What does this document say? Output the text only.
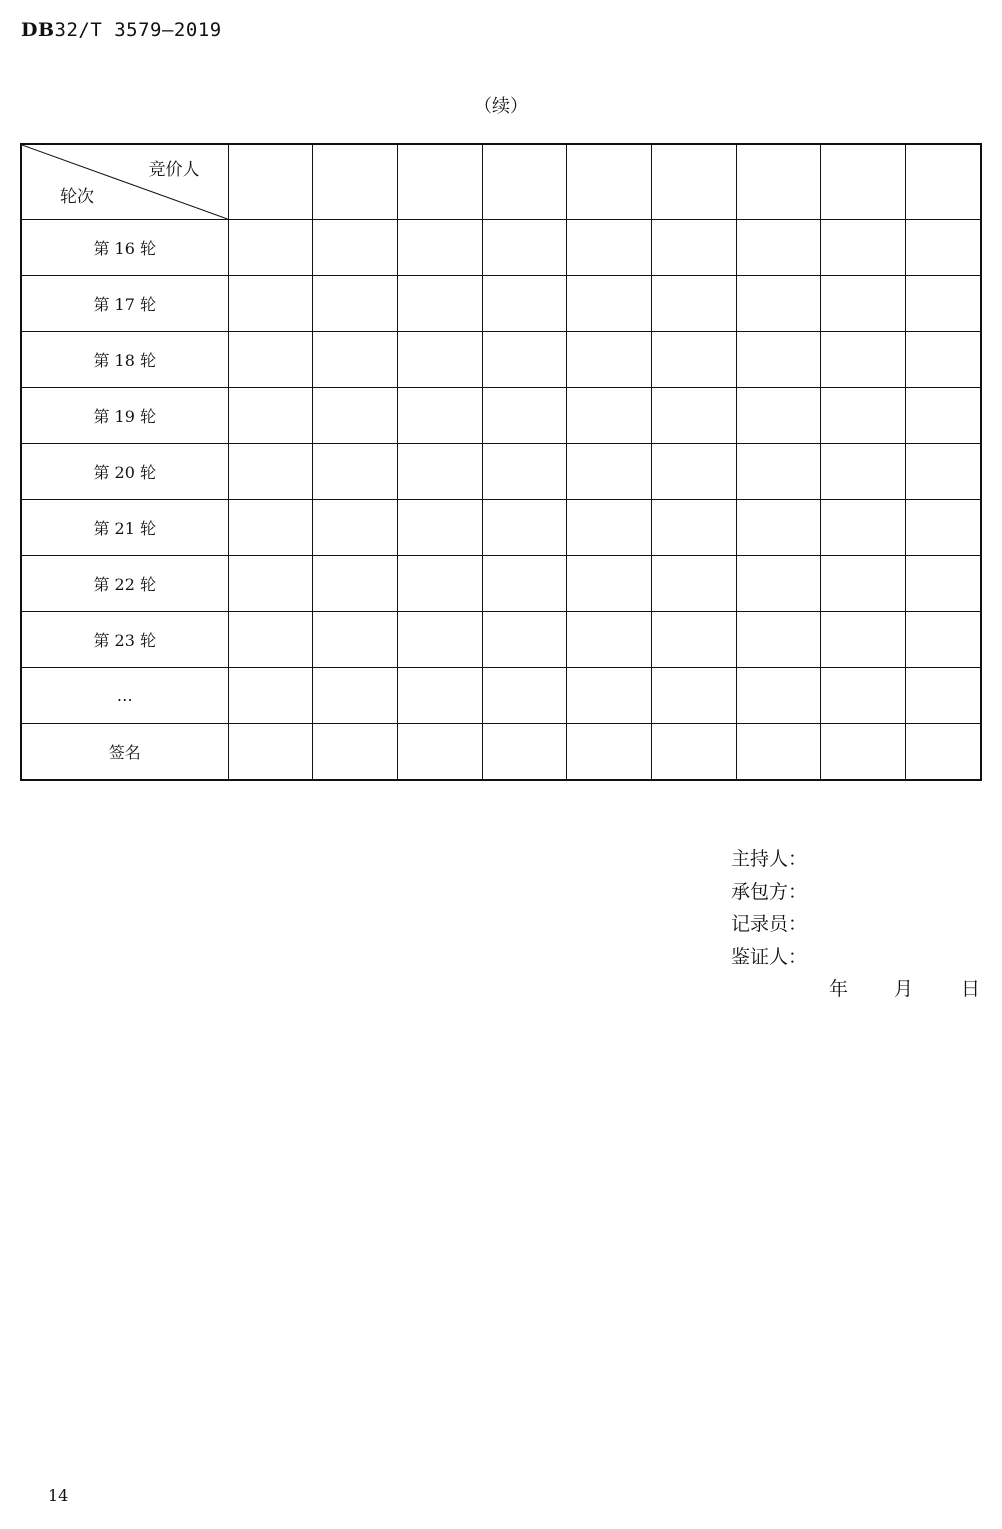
DB32/T 3579—2019
（续）
竞价人
轮次									

第 16 轮									
第 17 轮									
第 18 轮									
第 19 轮									
第 20 轮									
第 21 轮									
第 22 轮									
第 23 轮									
…									
签名									
主持人：
承包方：
记录员：
鉴证人：
年 月	日
14
